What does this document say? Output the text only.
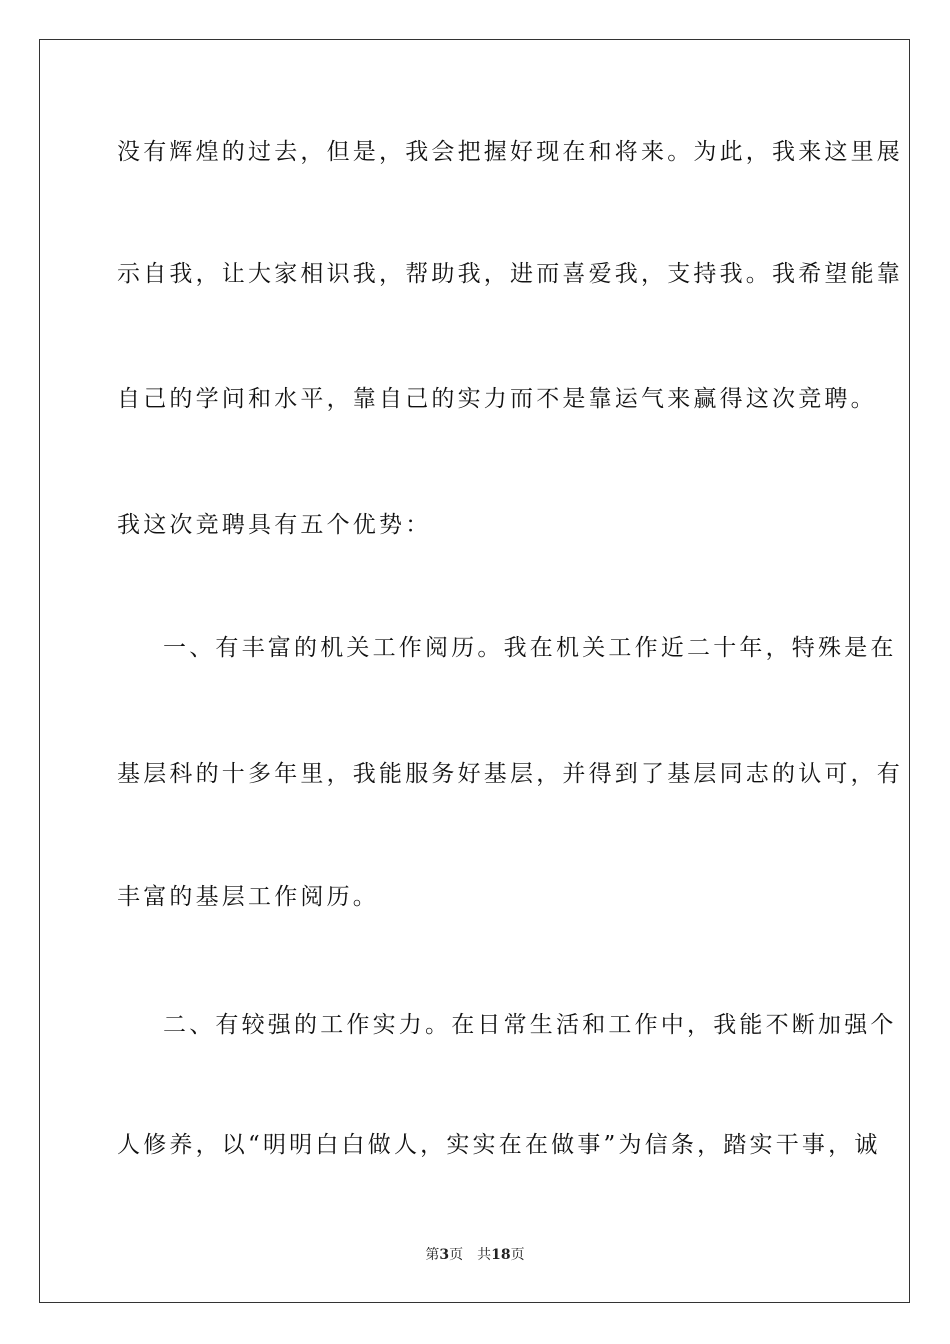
没有辉煌的过去，但是，我会把握好现在和将来。为此，我来这里展
示自我，让大家相识我，帮助我，进而喜爱我，支持我。我希望能靠
自己的学问和水平，靠自己的实力而不是靠运气来赢得这次竞聘。
我这次竞聘具有五个优势：
一、有丰富的机关工作阅历。我在机关工作近二十年，特殊是在
基层科的十多年里，我能服务好基层，并得到了基层同志的认可，有
丰富的基层工作阅历。
二、有较强的工作实力。在日常生活和工作中，我能不断加强个
人修养，以“明明白白做人，实实在在做事”为信条，踏实干事，诚
第3页 共18页
